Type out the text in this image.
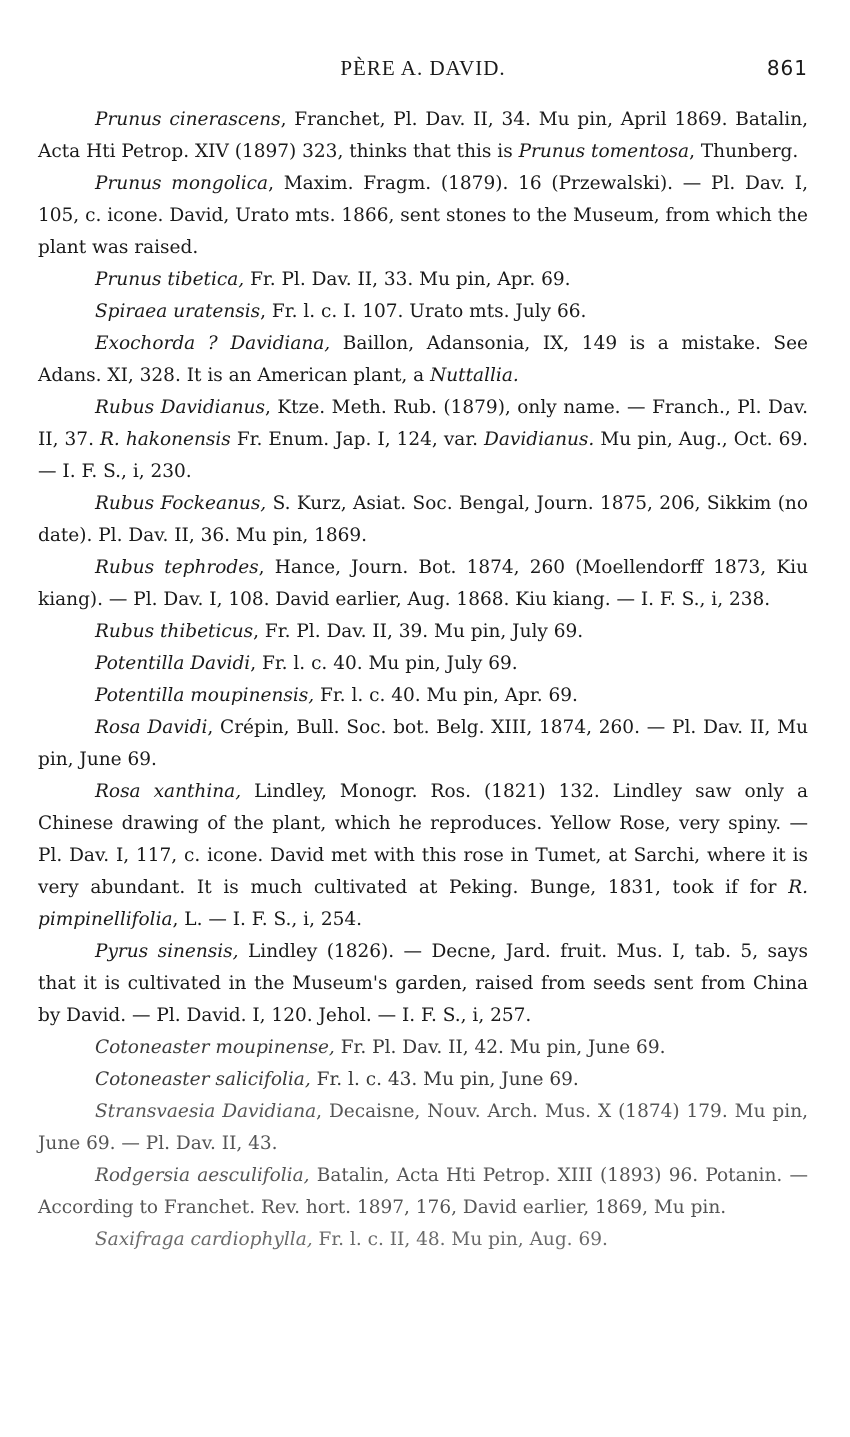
PÈRE A. DAVID.	861

Prunus cinerascens, Franchet, Pl. Dav. II, 34. Mu pin, April 1869. Batalin, Acta Hti Petrop. XIV (1897) 323, thinks that this is Prunus tomentosa, Thunberg.

Prunus mongolica, Maxim. Fragm. (1879). 16 (Przewalski). — Pl. Dav. I, 105, c. icone. David, Urato mts. 1866, sent stones to the Museum, from which the plant was raised.

Prunus tibetica, Fr. Pl. Dav. II, 33. Mu pin, Apr. 69.

Spiraea uratensis, Fr. l. c. I. 107. Urato mts. July 66.

Exochorda ? Davidiana, Baillon, Adansonia, IX, 149 is a mistake. See Adans. XI, 328. It is an American plant, a Nuttallia.

Rubus Davidianus, Ktze. Meth. Rub. (1879), only name. — Franch., Pl. Dav. II, 37. R. hakonensis Fr. Enum. Jap. I, 124, var. Davidianus. Mu pin, Aug., Oct. 69. — I. F. S., i, 230.

Rubus Fockeanus, S. Kurz, Asiat. Soc. Bengal, Journ. 1875, 206, Sikkim (no date). Pl. Dav. II, 36. Mu pin, 1869.

Rubus tephrodes, Hance, Journ. Bot. 1874, 260 (Moellendorff 1873, Kiu kiang). — Pl. Dav. I, 108. David earlier, Aug. 1868. Kiu kiang. — I. F. S., i, 238.

Rubus thibeticus, Fr. Pl. Dav. II, 39. Mu pin, July 69.

Potentilla Davidi, Fr. l. c. 40. Mu pin, July 69.

Potentilla moupinensis, Fr. l. c. 40. Mu pin, Apr. 69.

Rosa Davidi, Crépin, Bull. Soc. bot. Belg. XIII, 1874, 260. — Pl. Dav. II, Mu pin, June 69.

Rosa xanthina, Lindley, Monogr. Ros. (1821) 132. Lindley saw only a Chinese drawing of the plant, which he reproduces. Yellow Rose, very spiny. — Pl. Dav. I, 117, c. icone. David met with this rose in Tumet, at Sarchi, where it is very abundant. It is much cultivated at Peking. Bunge, 1831, took if for R. pimpinellifolia, L. — I. F. S., i, 254.

Pyrus sinensis, Lindley (1826). — Decne, Jard. fruit. Mus. I, tab. 5, says that it is cultivated in the Museum's garden, raised from seeds sent from China by David. — Pl. David. I, 120. Jehol. — I. F. S., i, 257.

Cotoneaster moupinense, Fr. Pl. Dav. II, 42. Mu pin, June 69.

Cotoneaster salicifolia, Fr. l. c. 43. Mu pin, June 69.

Stransvaesia Davidiana, Decaisne, Nouv. Arch. Mus. X (1874) 179. Mu pin, June 69. — Pl. Dav. II, 43.

Rodgersia aesculifolia, Batalin, Acta Hti Petrop. XIII (1893) 96. Potanin. — According to Franchet. Rev. hort. 1897, 176, David earlier, 1869, Mu pin.

Saxifraga cardiophylla, Fr. l. c. II, 48. Mu pin, Aug. 69.
